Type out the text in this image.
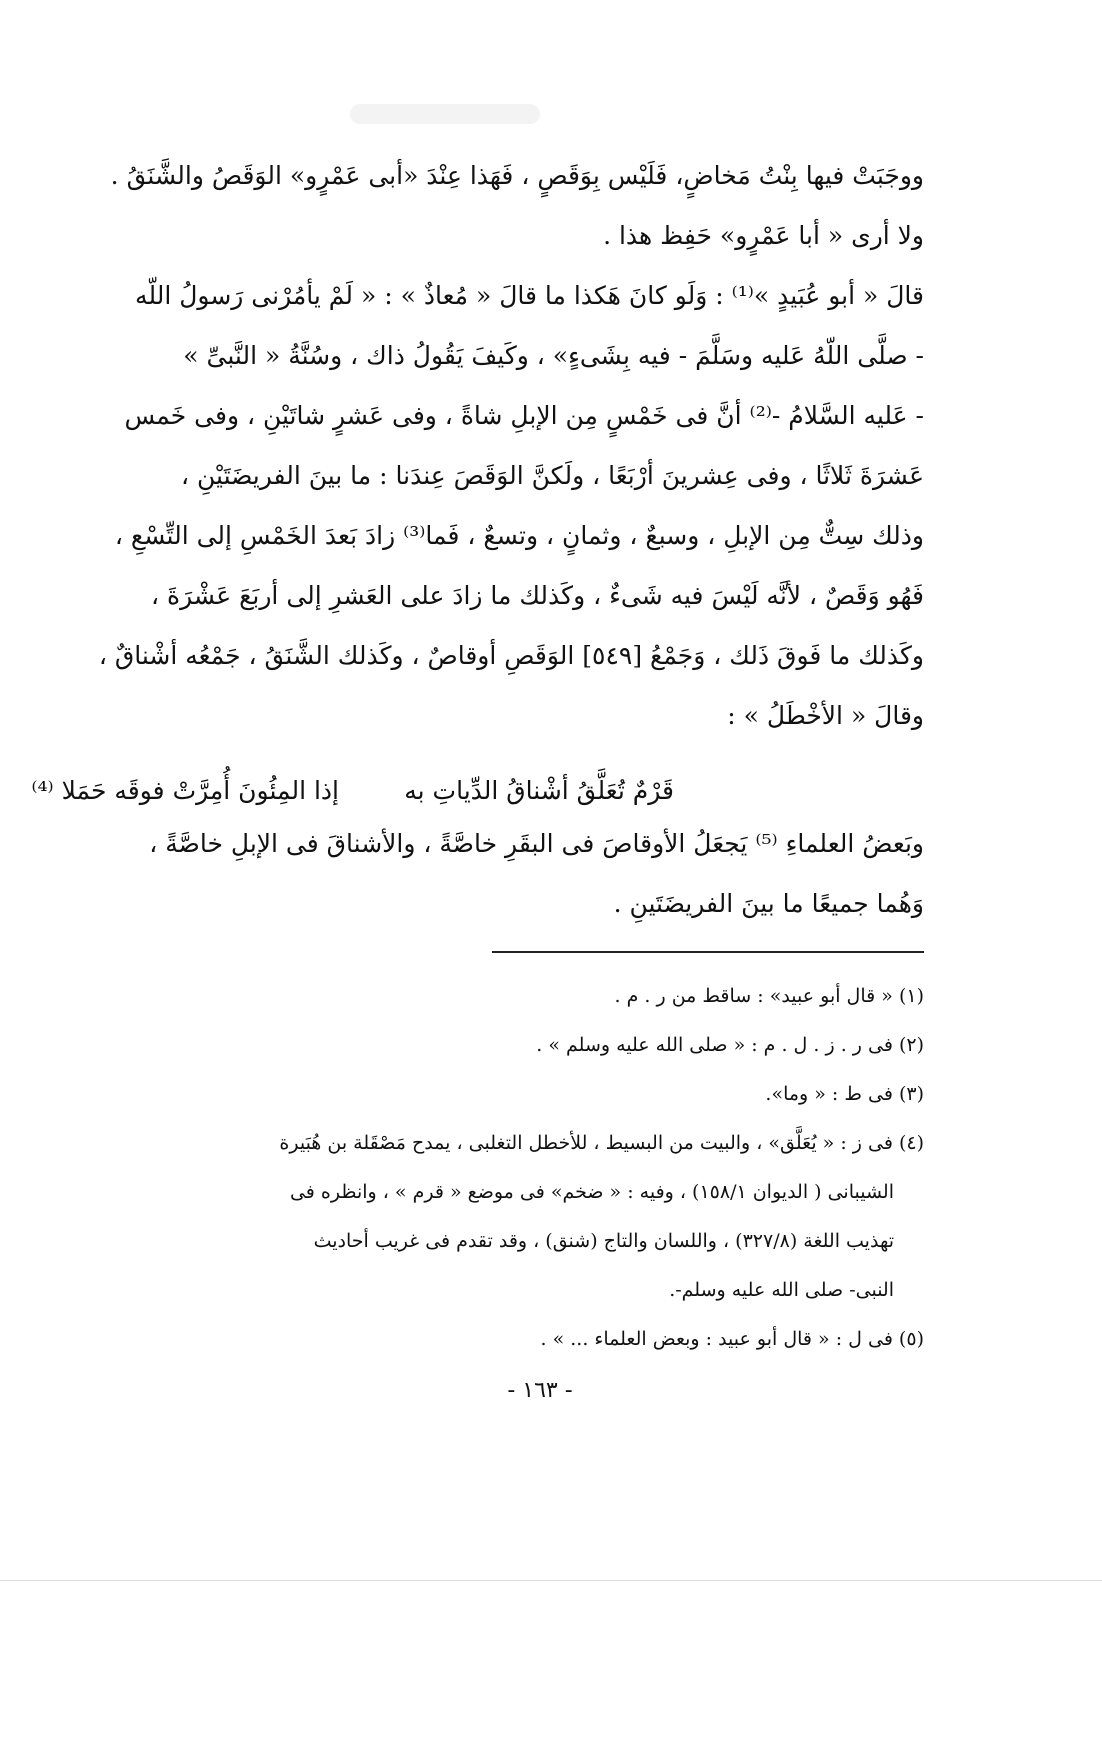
ووجَبَتْ فيها بِنْتُ مَخاضٍ، فَلَيْس بِوَقَصٍ ، فَهَذا عِنْدَ «أبى عَمْرٍو» الوَقَصُ والشَّنَقُ .
ولا أرى « أبا عَمْرٍو» حَفِظ هذا .
قالَ « أبو عُبَيدٍ »⁽¹⁾ : وَلَو كانَ هَكذا ما قالَ « مُعاذٌ » : « لَمْ يأمُرْنى رَسولُ اللّه
- صلَّى اللّهُ عَليه وسَلَّمَ - فيه بِشَىءٍ» ، وكَيفَ يَقُولُ ذاك ، وسُنَّةُ « النَّبىِّ »
- عَليه السَّلامُ -⁽²⁾ أنَّ فى خَمْسٍ مِن الإبلِ شاةً ، وفى عَشرٍ شاتَيْنِ ، وفى خَمس
عَشرَةَ ثَلاثًا ، وفى عِشرينَ أرْبَعًا ، ولَكنَّ الوَقَصَ عِندَنا : ما بينَ الفريضَتَيْنِ ،
وذلك سِتٌّ مِن الإبلِ ، وسبعٌ ، وثمانٍ ، وتسعٌ ، فَما⁽³⁾ زادَ بَعدَ الخَمْسِ إلى التِّسْعِ ،
فَهُو وَقَصٌ ، لأنَّه لَيْسَ فيه شَىءٌ ، وكَذلك ما زادَ على العَشرِ إلى أربَعَ عَشْرَةَ ،
وكَذلك ما فَوقَ ذَلك ، وَجَمْعُ [٥٤٩] الوَقَصِ أوقاصٌ ، وكَذلك الشَّنَقُ ، جَمْعُه أشْناقٌ ،
وقالَ « الأخْطَلُ » :
قَرْمٌ تُعَلَّقُ أشْناقُ الدِّياتِ به
إذا المِئُونَ أُمِرَّتْ فوقَه حَمَلا ⁽⁴⁾
وبَعضُ العلماءِ ⁽⁵⁾ يَجعَلُ الأوقاصَ فى البقَرِ خاصَّةً ، والأشناقَ فى الإبلِ خاصَّةً ،
وَهُما جميعًا ما بينَ الفريضَتَينِ .
(١) « قال أبو عبيد» : ساقط من ر . م .
(٢) فى ر . ز . ل . م : « صلى الله عليه وسلم » .
(٣) فى ط : « وما».
(٤) فى ز : « يُعَلَّق» ، والبيت من البسيط ، للأخطل التغلبى ، يمدح مَصْقَلة بن هُبَيرة
الشيبانى ( الديوان ١٥٨/١) ، وفيه : « ضخم» فى موضع « قرم » ، وانظره فى
تهذيب اللغة (٣٢٧/٨) ، واللسان والتاج (شنق) ، وقد تقدم فى غريب أحاديث
النبى- صلى الله عليه وسلم-.
(٥) فى ل : « قال أبو عبيد : وبعض العلماء ... » .
- ١٦٣ -
